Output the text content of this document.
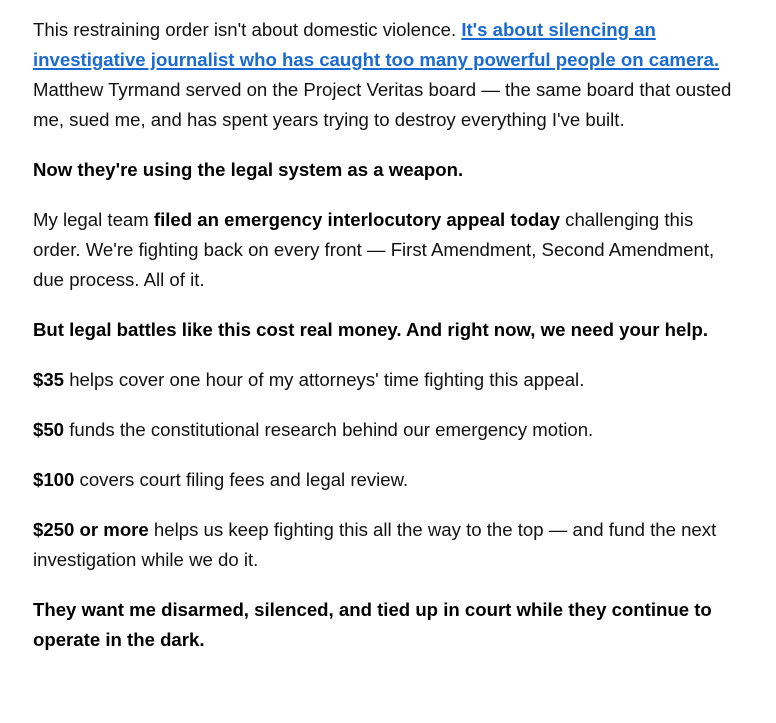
This restraining order isn't about domestic violence. It's about silencing an investigative journalist who has caught too many powerful people on camera. Matthew Tyrmand served on the Project Veritas board — the same board that ousted me, sued me, and has spent years trying to destroy everything I've built.

Now they're using the legal system as a weapon.

My legal team filed an emergency interlocutory appeal today challenging this order. We're fighting back on every front — First Amendment, Second Amendment, due process. All of it.

But legal battles like this cost real money. And right now, we need your help.

$35 helps cover one hour of my attorneys' time fighting this appeal.

$50 funds the constitutional research behind our emergency motion.

$100 covers court filing fees and legal review.

$250 or more helps us keep fighting this all the way to the top — and fund the next investigation while we do it.

They want me disarmed, silenced, and tied up in court while they continue to operate in the dark.
